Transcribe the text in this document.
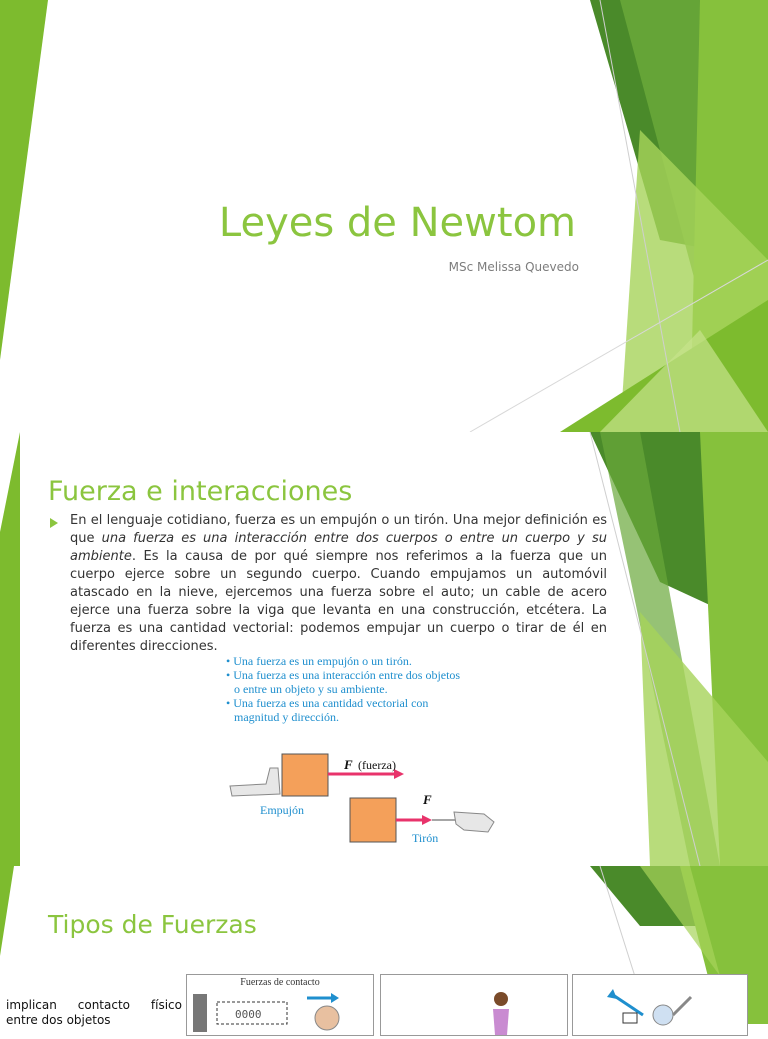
Leyes de Newtom
MSc Melissa Quevedo
Fuerza e interacciones
En el lenguaje cotidiano, fuerza es un empujón o un tirón. Una mejor definición es que una fuerza es una interacción entre dos cuerpos o entre un cuerpo y su ambiente. Es la causa de por qué siempre nos referimos a la fuerza que un cuerpo ejerce sobre un segundo cuerpo. Cuando empujamos un automóvil atascado en la nieve, ejercemos una fuerza sobre el auto; un cable de acero ejerce una fuerza sobre la viga que levanta en una construcción, etcétera. La fuerza es una cantidad vectorial: podemos empujar un cuerpo o tirar de él en diferentes direcciones.
• Una fuerza es un empujón o un tirón.
• Una fuerza es una interacción entre dos objetos
o entre un objeto y su ambiente.
• Una fuerza es una cantidad vectorial con
magnitud y dirección.
F (fuerza)
Empujón
F
Tirón
Tipos de Fuerzas
implican contacto físico entre dos objetos
Fuerzas de contacto
0000
